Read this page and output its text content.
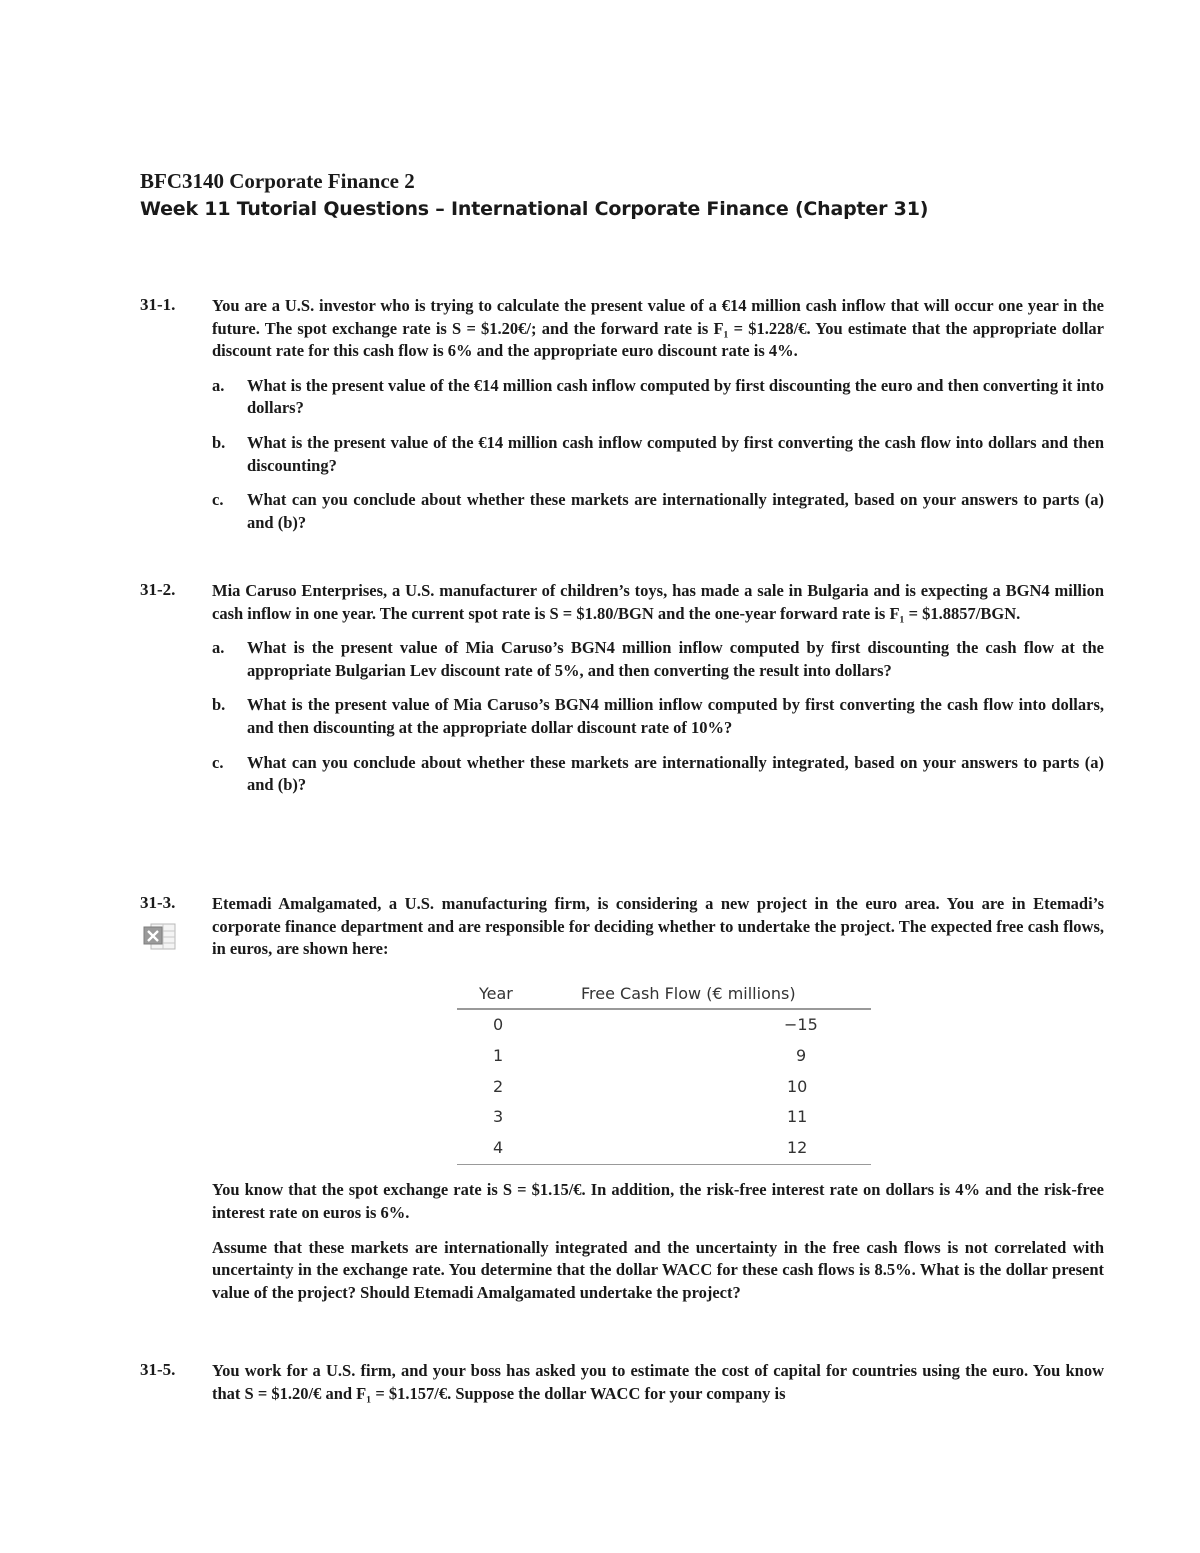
BFC3140 Corporate Finance 2
Week 11 Tutorial Questions – International Corporate Finance (Chapter 31)
31-1. You are a U.S. investor who is trying to calculate the present value of a €14 million cash inflow that will occur one year in the future. The spot exchange rate is S = $1.20€/; and the forward rate is F₁ = $1.228/€. You estimate that the appropriate dollar discount rate for this cash flow is 6% and the appropriate euro discount rate is 4%.

a. What is the present value of the €14 million cash inflow computed by first discounting the euro and then converting it into dollars?
b. What is the present value of the €14 million cash inflow computed by first converting the cash flow into dollars and then discounting?
c. What can you conclude about whether these markets are internationally integrated, based on your answers to parts (a) and (b)?
31-2. Mia Caruso Enterprises, a U.S. manufacturer of children’s toys, has made a sale in Bulgaria and is expecting a BGN4 million cash inflow in one year. The current spot rate is S = $1.80/BGN and the one-year forward rate is F₁ = $1.8857/BGN.

a. What is the present value of Mia Caruso’s BGN4 million inflow computed by first discounting the cash flow at the appropriate Bulgarian Lev discount rate of 5%, and then converting the result into dollars?
b. What is the present value of Mia Caruso’s BGN4 million inflow computed by first converting the cash flow into dollars, and then discounting at the appropriate dollar discount rate of 10%?
c. What can you conclude about whether these markets are internationally integrated, based on your answers to parts (a) and (b)?
31-3. Etemadi Amalgamated, a U.S. manufacturing firm, is considering a new project in the euro area. You are in Etemadi’s corporate finance department and are responsible for deciding whether to undertake the project. The expected free cash flows, in euros, are shown here:

Year	Free Cash Flow (€ millions)
0	−15
1	9
2	10
3	11
4	12

You know that the spot exchange rate is S = $1.15/€. In addition, the risk-free interest rate on dollars is 4% and the risk-free interest rate on euros is 6%.

Assume that these markets are internationally integrated and the uncertainty in the free cash flows is not correlated with uncertainty in the exchange rate. You determine that the dollar WACC for these cash flows is 8.5%. What is the dollar present value of the project? Should Etemadi Amalgamated undertake the project?

31-5. You work for a U.S. firm, and your boss has asked you to estimate the cost of capital for countries using the euro. You know that S = $1.20/€ and F₁ = $1.157/€. Suppose the dollar WACC for your company is
